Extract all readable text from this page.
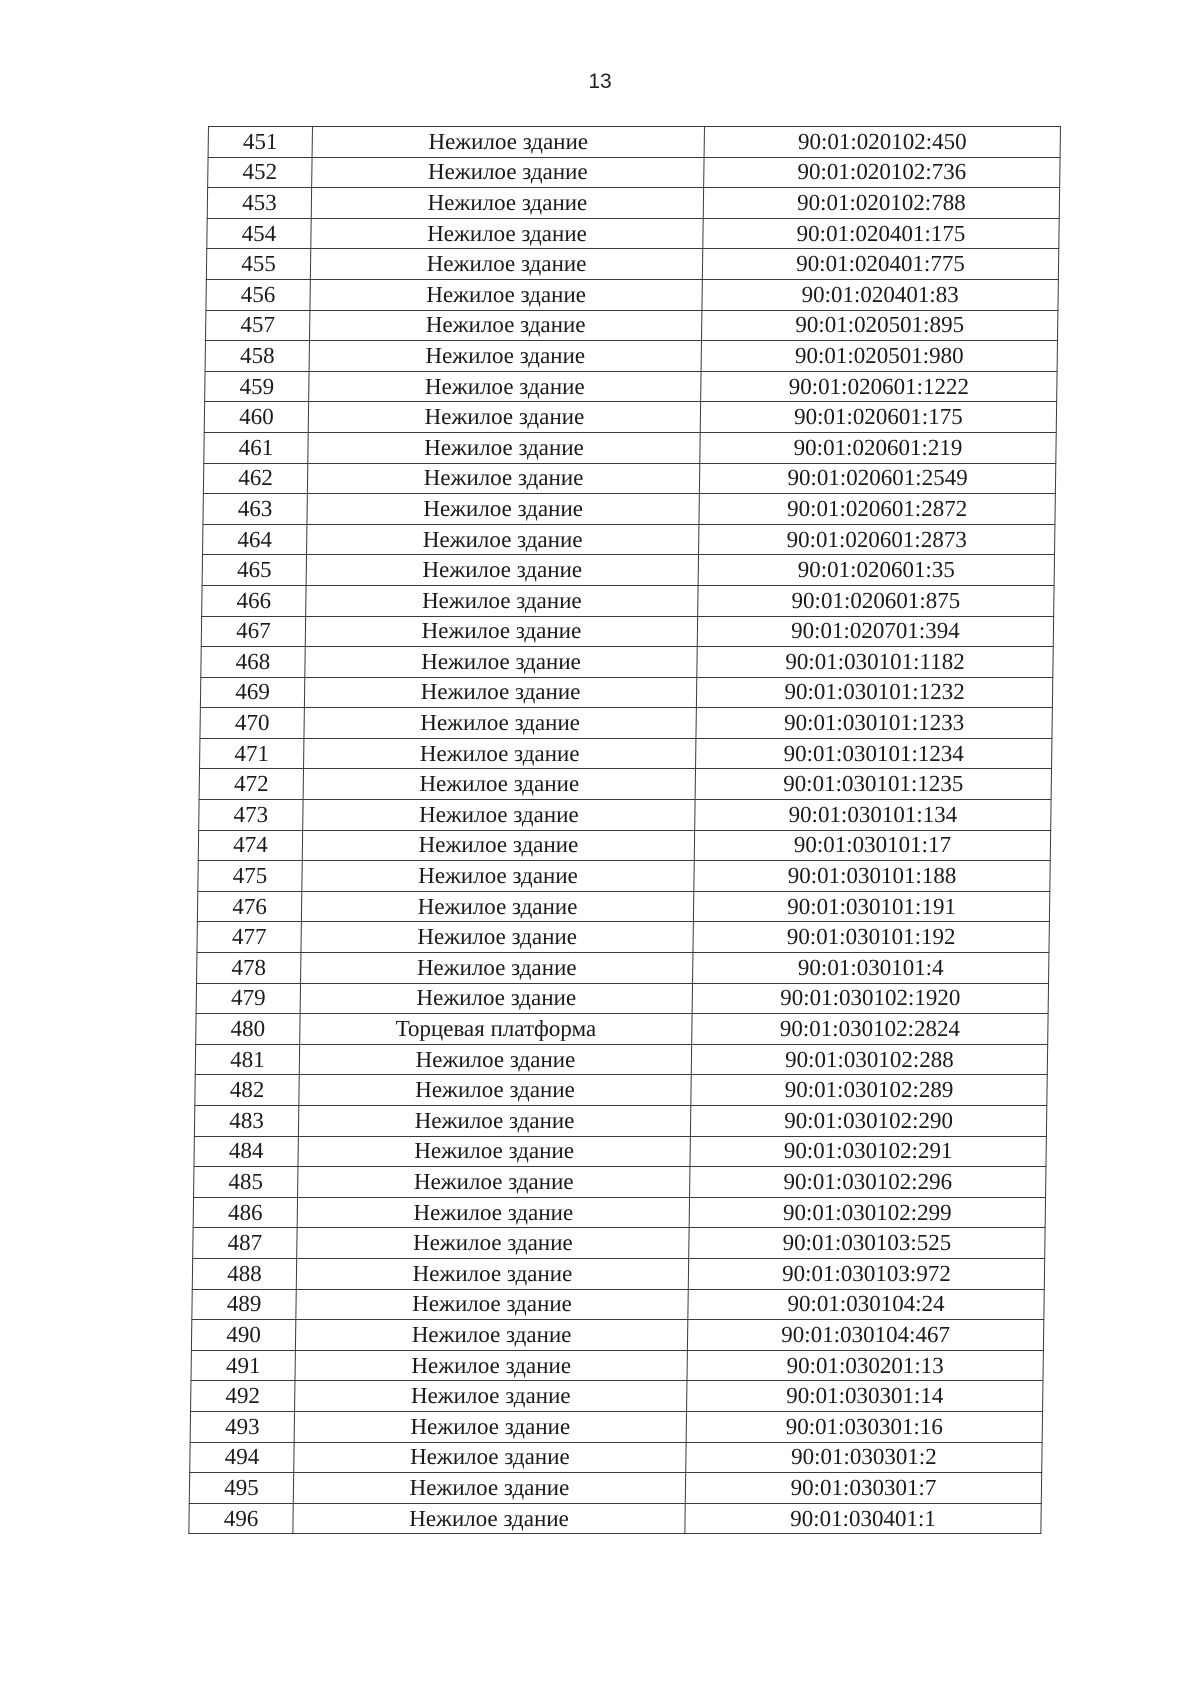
13
451	Нежилое здание	90:01:020102:450
452	Нежилое здание	90:01:020102:736
453	Нежилое здание	90:01:020102:788
454	Нежилое здание	90:01:020401:175
455	Нежилое здание	90:01:020401:775
456	Нежилое здание	90:01:020401:83
457	Нежилое здание	90:01:020501:895
458	Нежилое здание	90:01:020501:980
459	Нежилое здание	90:01:020601:1222
460	Нежилое здание	90:01:020601:175
461	Нежилое здание	90:01:020601:219
462	Нежилое здание	90:01:020601:2549
463	Нежилое здание	90:01:020601:2872
464	Нежилое здание	90:01:020601:2873
465	Нежилое здание	90:01:020601:35
466	Нежилое здание	90:01:020601:875
467	Нежилое здание	90:01:020701:394
468	Нежилое здание	90:01:030101:1182
469	Нежилое здание	90:01:030101:1232
470	Нежилое здание	90:01:030101:1233
471	Нежилое здание	90:01:030101:1234
472	Нежилое здание	90:01:030101:1235
473	Нежилое здание	90:01:030101:134
474	Нежилое здание	90:01:030101:17
475	Нежилое здание	90:01:030101:188
476	Нежилое здание	90:01:030101:191
477	Нежилое здание	90:01:030101:192
478	Нежилое здание	90:01:030101:4
479	Нежилое здание	90:01:030102:1920
480	Торцевая платформа	90:01:030102:2824
481	Нежилое здание	90:01:030102:288
482	Нежилое здание	90:01:030102:289
483	Нежилое здание	90:01:030102:290
484	Нежилое здание	90:01:030102:291
485	Нежилое здание	90:01:030102:296
486	Нежилое здание	90:01:030102:299
487	Нежилое здание	90:01:030103:525
488	Нежилое здание	90:01:030103:972
489	Нежилое здание	90:01:030104:24
490	Нежилое здание	90:01:030104:467
491	Нежилое здание	90:01:030201:13
492	Нежилое здание	90:01:030301:14
493	Нежилое здание	90:01:030301:16
494	Нежилое здание	90:01:030301:2
495	Нежилое здание	90:01:030301:7
496	Нежилое здание	90:01:030401:1
